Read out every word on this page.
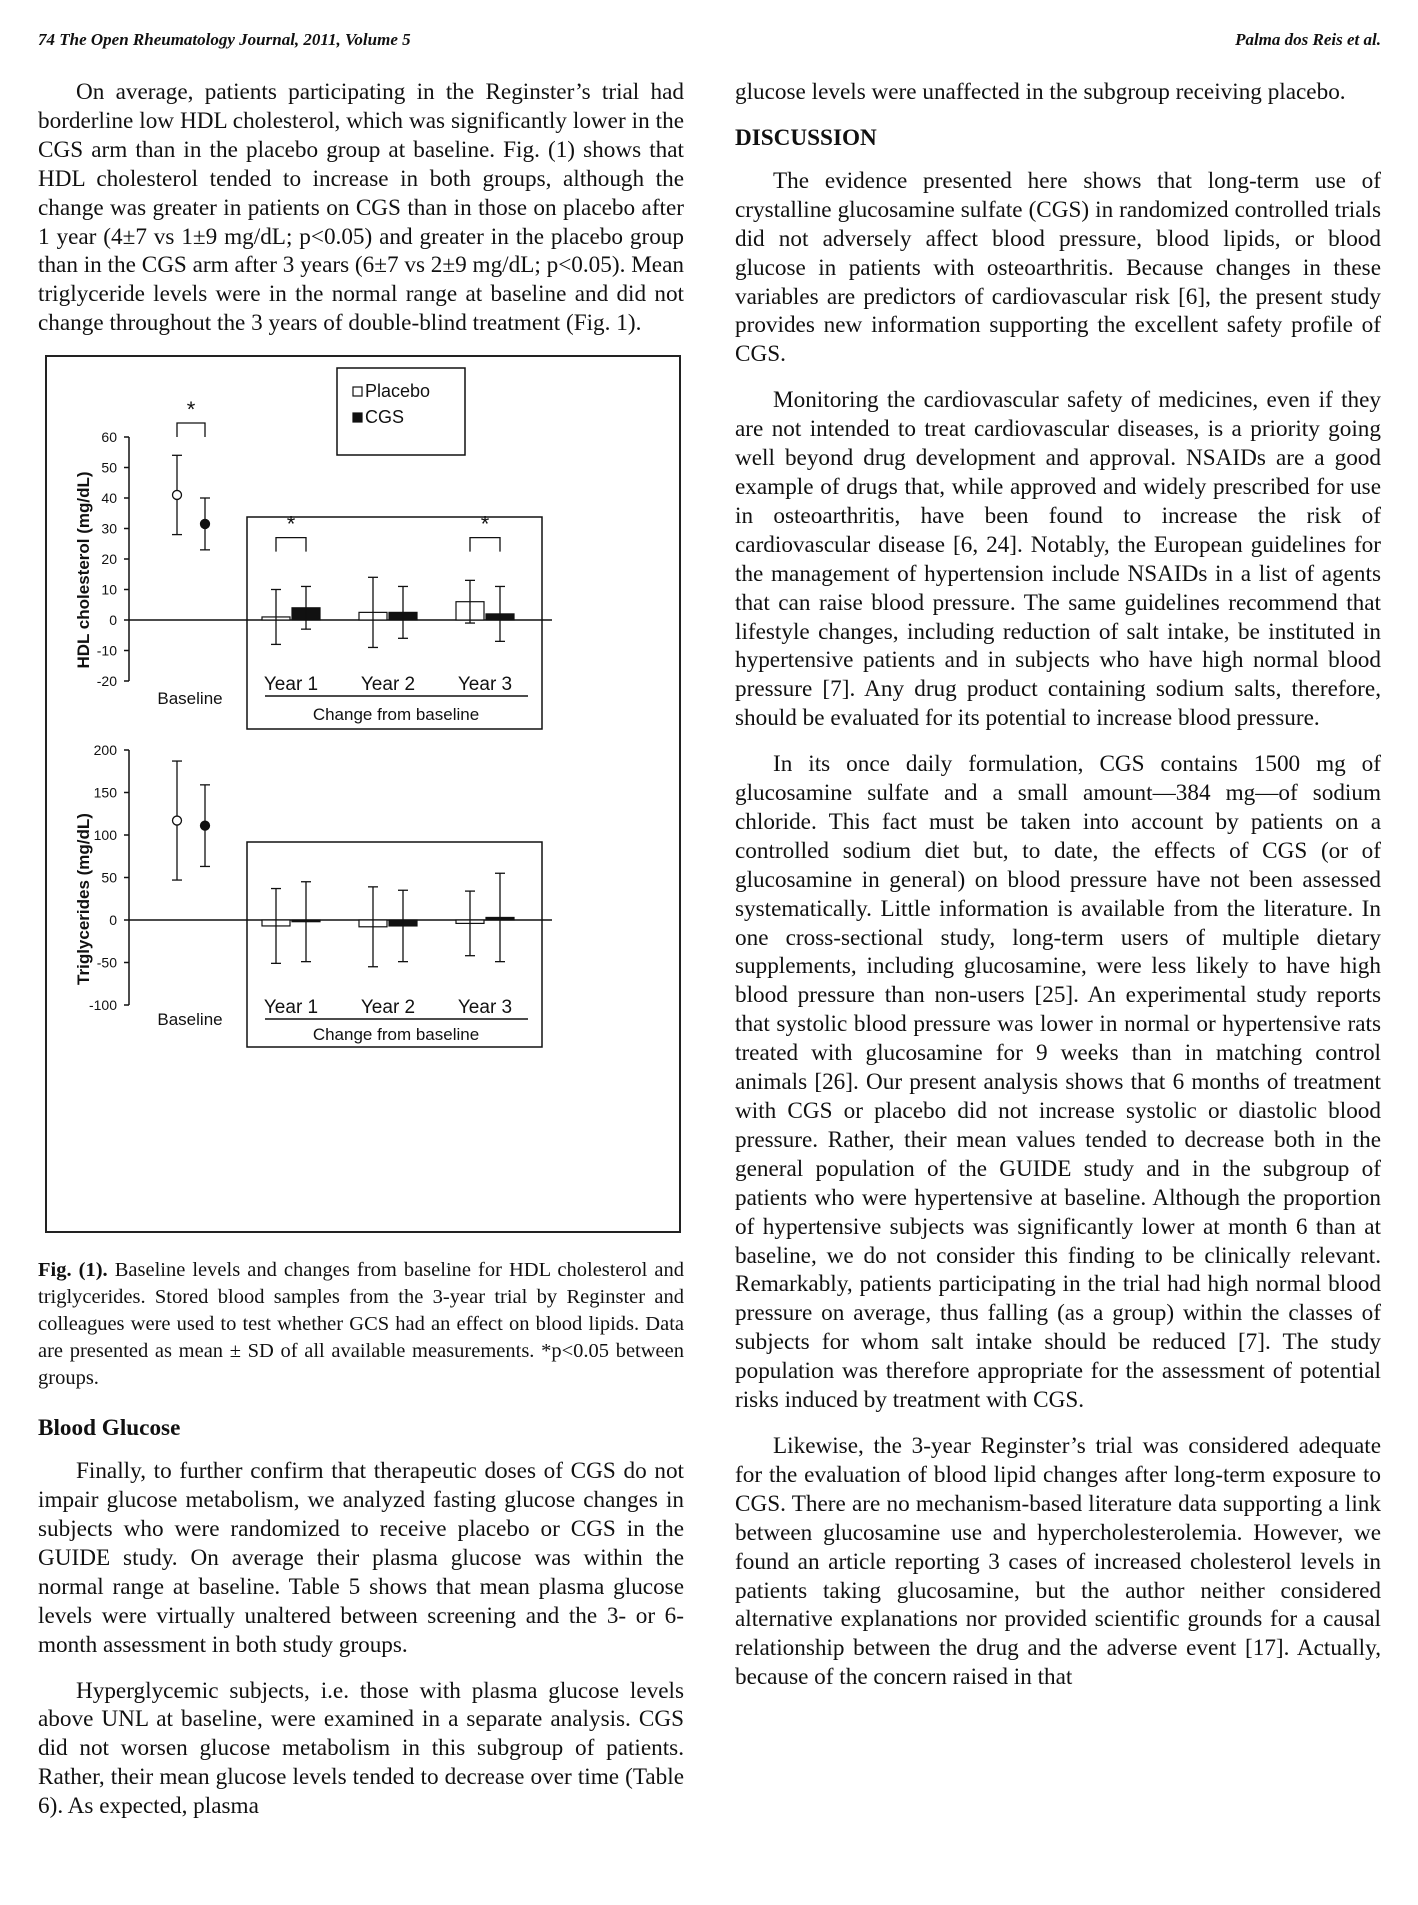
74 The Open Rheumatology Journal, 2011, Volume 5	Palma dos Reis et al.

On average, patients participating in the Reginster’s trial had borderline low HDL cholesterol, which was significantly lower in the CGS arm than in the placebo group at baseline. Fig. (1) shows that HDL cholesterol tended to increase in both groups, although the change was greater in patients on CGS than in those on placebo after 1 year (4±7 vs 1±9 mg/dL; p<0.05) and greater in the placebo group than in the CGS arm after 3 years (6±7 vs 2±9 mg/dL; p<0.05). Mean triglyceride levels were in the normal range at baseline and did not change throughout the 3 years of double-blind treatment (Fig. 1).

60
50
40
30
20
10
0
-10
-20
HDL cholesterol (mg/dL)
Baseline
Year 1 Year 2 Year 3
Change from baseline
Placebo
CGS
*
*	*
200
150
100
50
0
-50
-100
Triglycerides (mg/dL)
Baseline
Year 1 Year 2 Year 3
Change from baseline

Fig. (1). Baseline levels and changes from baseline for HDL cholesterol and triglycerides. Stored blood samples from the 3-year trial by Reginster and colleagues were used to test whether GCS had an effect on blood lipids. Data are presented as mean ± SD of all available measurements. *p<0.05 between groups.

Blood Glucose

Finally, to further confirm that therapeutic doses of CGS do not impair glucose metabolism, we analyzed fasting glucose changes in subjects who were randomized to receive placebo or CGS in the GUIDE study. On average their plasma glucose was within the normal range at baseline. Table 5 shows that mean plasma glucose levels were virtually unaltered between screening and the 3- or 6-month assessment in both study groups.

Hyperglycemic subjects, i.e. those with plasma glucose levels above UNL at baseline, were examined in a separate analysis. CGS did not worsen glucose metabolism in this subgroup of patients. Rather, their mean glucose levels tended to decrease over time (Table 6). As expected, plasma

glucose levels were unaffected in the subgroup receiving placebo.

DISCUSSION

The evidence presented here shows that long-term use of crystalline glucosamine sulfate (CGS) in randomized controlled trials did not adversely affect blood pressure, blood lipids, or blood glucose in patients with osteoarthritis. Because changes in these variables are predictors of cardiovascular risk [6], the present study provides new information supporting the excellent safety profile of CGS.

Monitoring the cardiovascular safety of medicines, even if they are not intended to treat cardiovascular diseases, is a priority going well beyond drug development and approval. NSAIDs are a good example of drugs that, while approved and widely prescribed for use in osteoarthritis, have been found to increase the risk of cardiovascular disease [6, 24]. Notably, the European guidelines for the management of hypertension include NSAIDs in a list of agents that can raise blood pressure. The same guidelines recommend that lifestyle changes, including reduction of salt intake, be instituted in hypertensive patients and in subjects who have high normal blood pressure [7]. Any drug product containing sodium salts, therefore, should be evaluated for its potential to increase blood pressure.

In its once daily formulation, CGS contains 1500 mg of glucosamine sulfate and a small amount—384 mg—of sodium chloride. This fact must be taken into account by patients on a controlled sodium diet but, to date, the effects of CGS (or of glucosamine in general) on blood pressure have not been assessed systematically. Little information is available from the literature. In one cross-sectional study, long-term users of multiple dietary supplements, including glucosamine, were less likely to have high blood pressure than non-users [25]. An experimental study reports that systolic blood pressure was lower in normal or hypertensive rats treated with glucosamine for 9 weeks than in matching control animals [26]. Our present analysis shows that 6 months of treatment with CGS or placebo did not increase systolic or diastolic blood pressure. Rather, their mean values tended to decrease both in the general population of the GUIDE study and in the subgroup of patients who were hypertensive at baseline. Although the proportion of hypertensive subjects was significantly lower at month 6 than at baseline, we do not consider this finding to be clinically relevant. Remarkably, patients participating in the trial had high normal blood pressure on average, thus falling (as a group) within the classes of subjects for whom salt intake should be reduced [7]. The study population was therefore appropriate for the assessment of potential risks induced by treatment with CGS.

Likewise, the 3-year Reginster’s trial was considered adequate for the evaluation of blood lipid changes after long-term exposure to CGS. There are no mechanism-based literature data supporting a link between glucosamine use and hypercholesterolemia. However, we found an article reporting 3 cases of increased cholesterol levels in patients taking glucosamine, but the author neither considered alternative explanations nor provided scientific grounds for a causal relationship between the drug and the adverse event [17]. Actually, because of the concern raised in that
